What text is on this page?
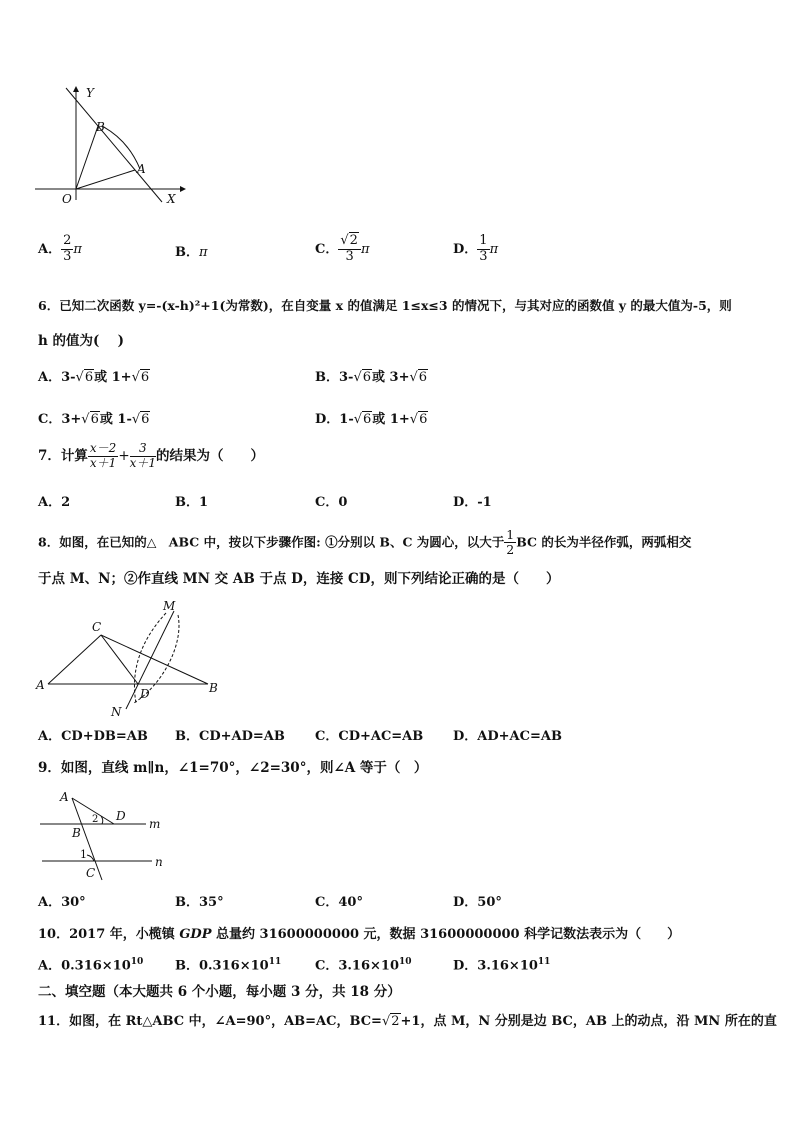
Y
X
O
A
B
A． $\frac{2}{3}$ π	B．π	C． $\frac{√2}{3}$ π	D． $\frac{1}{3}$ π
6．已知二次函数 y=-(x-h)²+1(为常数)，在自变量 x 的值满足 1≤x≤3 的情况下，与其对应的函数值 y 的最大值为-5，则
h 的值为(　 )
A．3-√6或 1+√6	B．3-√6或 3+√6
C．3+√6或 1-√6	D．1-√6或 1+√6
7．计算 $\frac{x-2}{x+1} + \frac{3}{x+1}$ 的结果为（　　）
A．2	B．1	C．0	D．-1
8．如图，在已知的△　ABC 中，按以下步骤作图: ①分别以 B、C 为圆心，以大于 $\frac{1}{2}$ BC 的长为半径作弧，两弧相交
于点 M、N；②作直线 MN 交 AB 于点 D，连接 CD，则下列结论正确的是（　　）
M
C
A	B
D
N
A．CD+DB=AB B．CD+AD=AB C．CD+AC=AB D．AD+AC=AB
9．如图，直线 m∥n，∠1=70°，∠2=30°，则∠A 等于（　）
A
D
m
B
2
1
n
C
A．30°	B．35°	C．40°	D．50°
10．2017 年，小榄镇 GDP 总量约 31600000000 元，数据 31600000000 科学记数法表示为（　　）
A．$0.316\times 10^{10}$ B．$0.316\times 10^{11}$	C．$3.16\times 10^{10}$	D．$3.16\times 10^{11}$
二、填空题（本大题共 6 个小题，每小题 3 分，共 18 分）
11．如图，在 Rt△ABC 中，∠A=90°，AB=AC，BC=√2+1，点 M，N 分别是边 BC，AB 上的动点，沿 MN 所在的直
